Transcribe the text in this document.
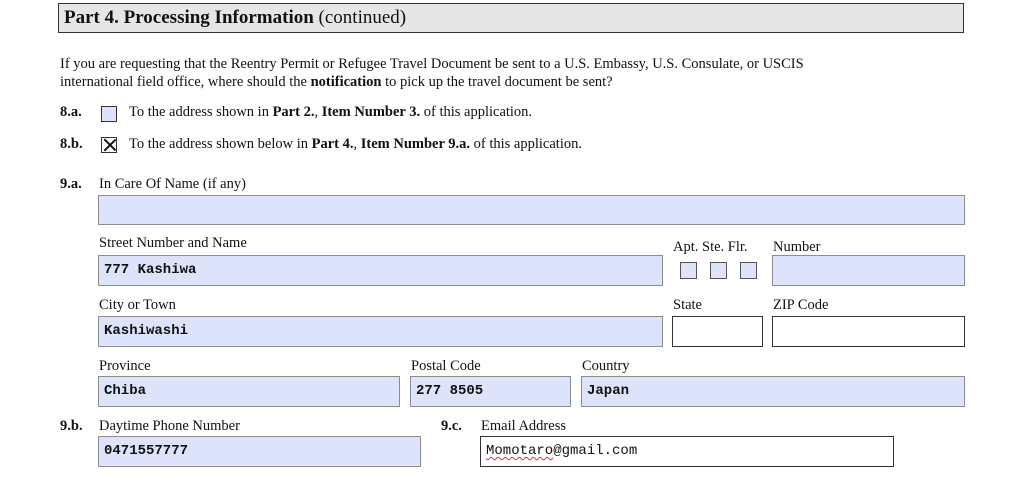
Part 4. Processing Information (continued)
If you are requesting that the Reentry Permit or Refugee Travel Document be sent to a U.S. Embassy, U.S. Consulate, or USCIS
international field office, where should the notification to pick up the travel document be sent?
8.a.	To the address shown in Part 2., Item Number 3. of this application.
8.b.	To the address shown below in Part 4., Item Number 9.a. of this application.
9.a. In Care Of Name (if any)
Street Number and Name
777 Kashiwa
Apt. Ste. Flr. Number
City or Town
Kashiwashi
State	ZIP Code
Province
Chiba
Postal Code
277 8505
Country
Japan
9.b. Daytime Phone Number
0471557777
9.c. Email Address
Momotaro@gmail.com
